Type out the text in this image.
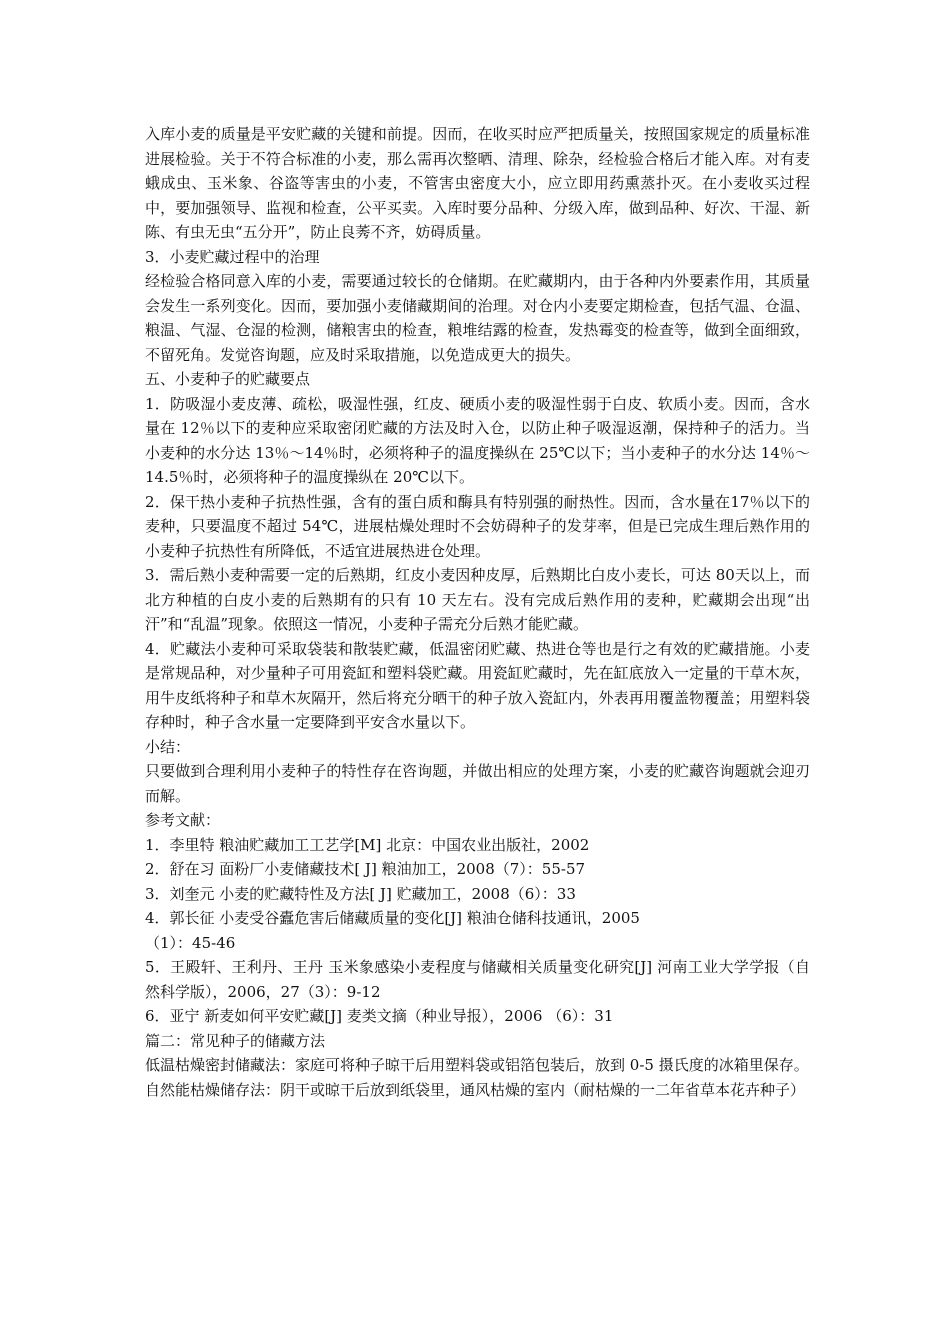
入库小麦的质量是平安贮藏的关键和前提。因而，在收买时应严把质量关，按照国家规定的质量标准进展检验。关于不符合标准的小麦，那么需再次整晒、清理、除杂，经检验合格后才能入库。对有麦蛾成虫、玉米象、谷盗等害虫的小麦，不管害虫密度大小，应立即用药熏蒸扑灭。在小麦收买过程中，要加强领导、监视和检查，公平买卖。入库时要分品种、分级入库，做到品种、好次、干湿、新陈、有虫无虫“五分开”，防止良莠不齐，妨碍质量。

3．小麦贮藏过程中的治理

经检验合格同意入库的小麦，需要通过较长的仓储期。在贮藏期内，由于各种内外要素作用，其质量会发生一系列变化。因而，要加强小麦储藏期间的治理。对仓内小麦要定期检查，包括气温、仓温、粮温、气湿、仓湿的检测，储粮害虫的检查，粮堆结露的检查，发热霉变的检查等，做到全面细致，不留死角。发觉咨询题，应及时采取措施，以免造成更大的损失。

五、小麦种子的贮藏要点

1．防吸湿小麦皮薄、疏松，吸湿性强，红皮、硬质小麦的吸湿性弱于白皮、软质小麦。因而，含水量在 12％以下的麦种应采取密闭贮藏的方法及时入仓，以防止种子吸湿返潮，保持种子的活力。当小麦种的水分达 13％～14％时，必须将种子的温度操纵在 25℃以下；当小麦种子的水分达 14％～14.5％时，必须将种子的温度操纵在 20℃以下。

2．保干热小麦种子抗热性强，含有的蛋白质和酶具有特别强的耐热性。因而，含水量在17％以下的麦种，只要温度不超过 54℃，进展枯燥处理时不会妨碍种子的发芽率，但是已完成生理后熟作用的小麦种子抗热性有所降低，不适宜进展热进仓处理。

3．需后熟小麦种需要一定的后熟期，红皮小麦因种皮厚，后熟期比白皮小麦长，可达 80天以上，而北方种植的白皮小麦的后熟期有的只有 10 天左右。没有完成后熟作用的麦种，贮藏期会出现“出汗”和“乱温”现象。依照这一情况，小麦种子需充分后熟才能贮藏。

4．贮藏法小麦种可采取袋装和散装贮藏，低温密闭贮藏、热进仓等也是行之有效的贮藏措施。小麦是常规品种，对少量种子可用瓷缸和塑料袋贮藏。用瓷缸贮藏时，先在缸底放入一定量的干草木灰，用牛皮纸将种子和草木灰隔开，然后将充分晒干的种子放入瓷缸内，外表再用覆盖物覆盖；用塑料袋存种时，种子含水量一定要降到平安含水量以下。

小结：

只要做到合理利用小麦种子的特性存在咨询题，并做出相应的处理方案，小麦的贮藏咨询题就会迎刃而解。

参考文献：

1．李里特 粮油贮藏加工工艺学[M] 北京：中国农业出版社，2002

2．舒在习 面粉厂小麦储藏技术[ J] 粮油加工，2008（7）：55-57

3．刘奎元 小麦的贮藏特性及方法[ J] 贮藏加工，2008（6）：33

4．郭长征 小麦受谷蠹危害后储藏质量的变化[J] 粮油仓储科技通讯，2005

（1）：45-46

5．王殿轩、王利丹、王丹 玉米象感染小麦程度与储藏相关质量变化研究[J] 河南工业大学学报（自然科学版），2006，27（3）：9-12

6．亚宁 新麦如何平安贮藏[J] 麦类文摘（种业导报），2006 （6）：31

篇二：常见种子的储藏方法

低温枯燥密封储藏法：家庭可将种子晾干后用塑料袋或铝箔包装后，放到 0-5 摄氏度的冰箱里保存。

自然能枯燥储存法：阴干或晾干后放到纸袋里，通风枯燥的室内（耐枯燥的一二年省草本花卉种子）
